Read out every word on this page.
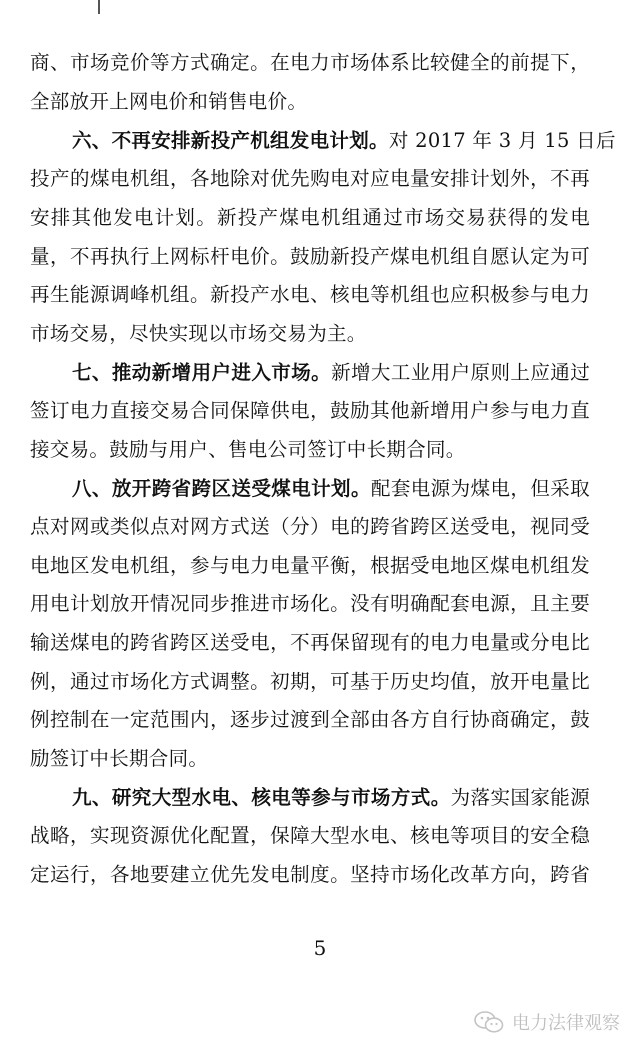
商、市场竞价等方式确定。在电力市场体系比较健全的前提下，
全部放开上网电价和销售电价。
六、不再安排新投产机组发电计划。对 2017 年 3 月 15 日后
投产的煤电机组，各地除对优先购电对应电量安排计划外，不再
安排其他发电计划。新投产煤电机组通过市场交易获得的发电
量，不再执行上网标杆电价。鼓励新投产煤电机组自愿认定为可
再生能源调峰机组。新投产水电、核电等机组也应积极参与电力
市场交易，尽快实现以市场交易为主。
七、推动新增用户进入市场。新增大工业用户原则上应通过
签订电力直接交易合同保障供电，鼓励其他新增用户参与电力直
接交易。鼓励与用户、售电公司签订中长期合同。
八、放开跨省跨区送受煤电计划。配套电源为煤电，但采取
点对网或类似点对网方式送（分）电的跨省跨区送受电，视同受
电地区发电机组，参与电力电量平衡，根据受电地区煤电机组发
用电计划放开情况同步推进市场化。没有明确配套电源，且主要
输送煤电的跨省跨区送受电，不再保留现有的电力电量或分电比
例，通过市场化方式调整。初期，可基于历史均值，放开电量比
例控制在一定范围内，逐步过渡到全部由各方自行协商确定，鼓
励签订中长期合同。
九、研究大型水电、核电等参与市场方式。为落实国家能源
战略，实现资源优化配置，保障大型水电、核电等项目的安全稳
定运行，各地要建立优先发电制度。坚持市场化改革方向，跨省
5
电力法律观察
